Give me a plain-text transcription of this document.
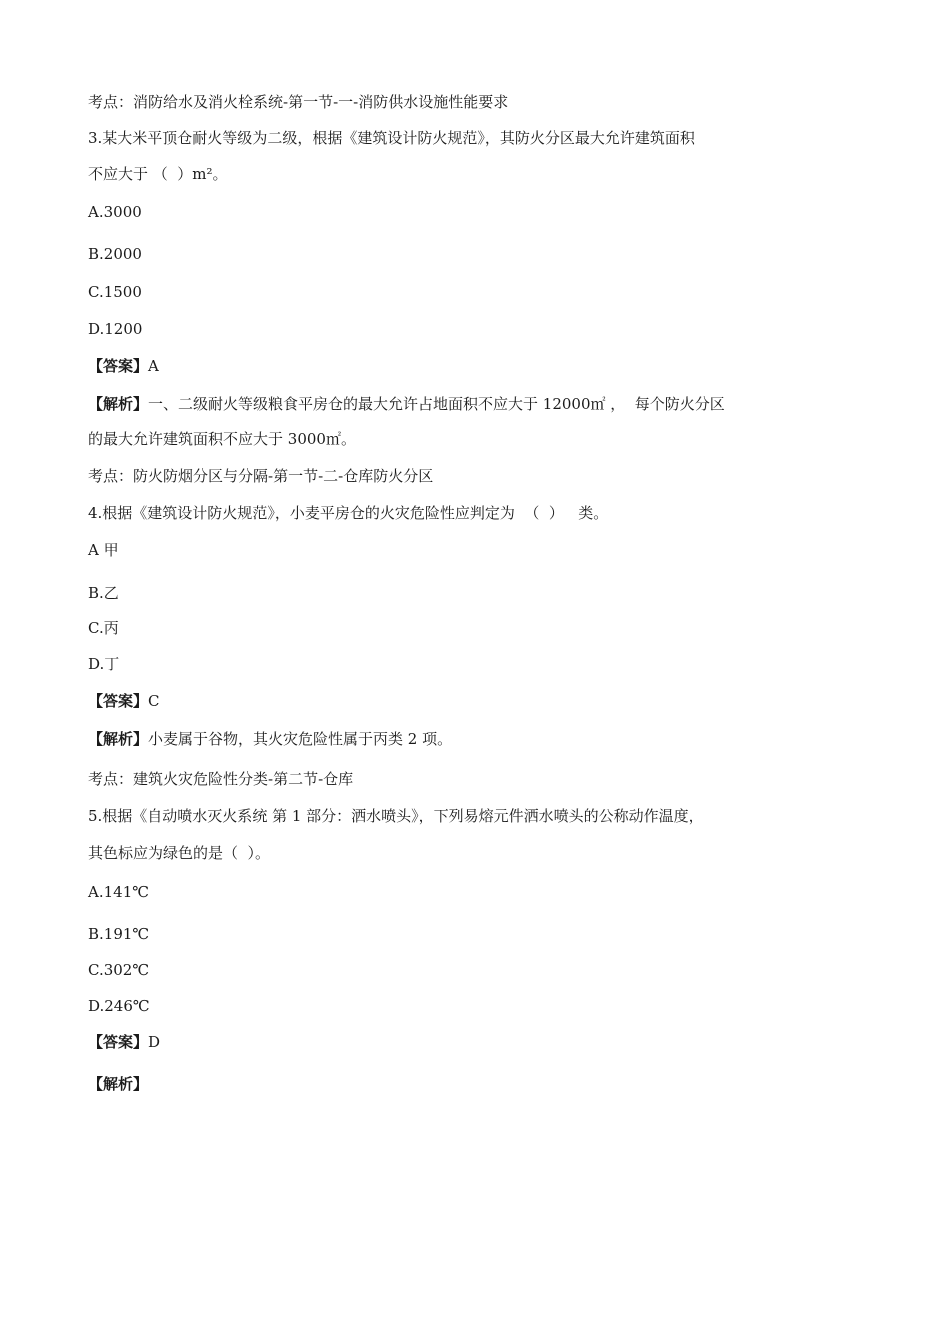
考点：消防给水及消火栓系统-第一节-一-消防供水设施性能要求
3.某大米平顶仓耐火等级为二级，根据《建筑设计防火规范》，其防火分区最大允许建筑面积
不应大于 （  ）m²。
A.3000
B.2000
C.1500
D.1200
【答案】A
【解析】一、二级耐火等级粮食平房仓的最大允许占地面积不应大于 12000㎡ ，  每个防火分区
的最大允许建筑面积不应大于 3000㎡。
考点：防火防烟分区与分隔-第一节-二-仓库防火分区
4.根据《建筑设计防火规范》，小麦平房仓的火灾危险性应判定为  （  ）   类。
A 甲
B.乙
C.丙
D.丁
【答案】C
【解析】小麦属于谷物，其火灾危险性属于丙类 2 项。
考点：建筑火灾危险性分类-第二节-仓库
5.根据《自动喷水灭火系统 第 1 部分：洒水喷头》，下列易熔元件洒水喷头的公称动作温度，
其色标应为绿色的是（  ）。
A.141℃
B.191℃
C.302℃
D.246℃
【答案】D
【解析】
